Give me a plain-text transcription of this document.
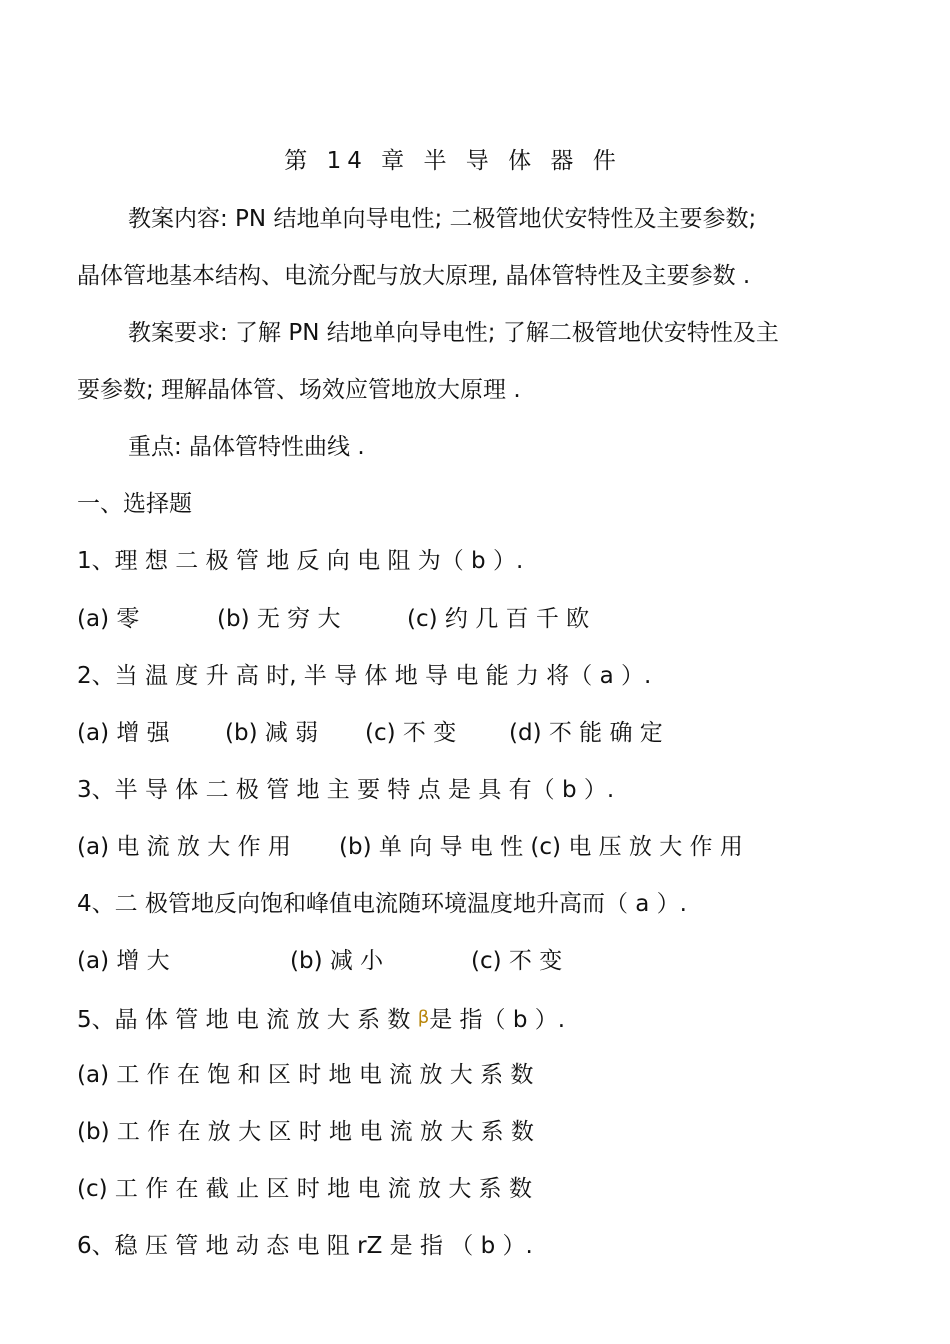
第 14 章 半 导 体 器 件
教案内容: PN 结地单向导电性; 二极管地伏安特性及主要参数;
晶体管地基本结构、电流分配与放大原理, 晶体管特性及主要参数 .
教案要求: 了解 PN 结地单向导电性; 了解二极管地伏安特性及主
要参数; 理解晶体管、场效应管地放大原理 .
重点: 晶体管特性曲线 .
一、选择题
1、理 想 二 极 管 地 反 向 电 阻 为（ b ）.
(a) 零	(b) 无 穷 大	(c) 约 几 百 千 欧
2、当 温 度 升 高 时, 半 导 体 地 导 电 能 力 将（ a ）.
(a) 增 强 (b) 减 弱 (c) 不 变 (d) 不 能 确 定
3、半 导 体 二 极 管 地 主 要 特 点 是 具 有（ b ）.
(a) 电 流 放 大 作 用 (b) 单 向 导 电 性 (c) 电 压 放 大 作 用
4、二 极管地反向饱和峰值电流随环境温度地升高而（ a ）.
(a) 增 大	(b) 减 小	(c) 不 变
5、晶 体 管 地 电 流 放 大 系 数 β是 指（ b ）.
(a) 工 作 在 饱 和 区 时 地 电 流 放 大 系 数
(b) 工 作 在 放 大 区 时 地 电 流 放 大 系 数
(c) 工 作 在 截 止 区 时 地 电 流 放 大 系 数
6、稳 压 管 地 动 态 电 阻 rZ 是 指 （ b ）.
